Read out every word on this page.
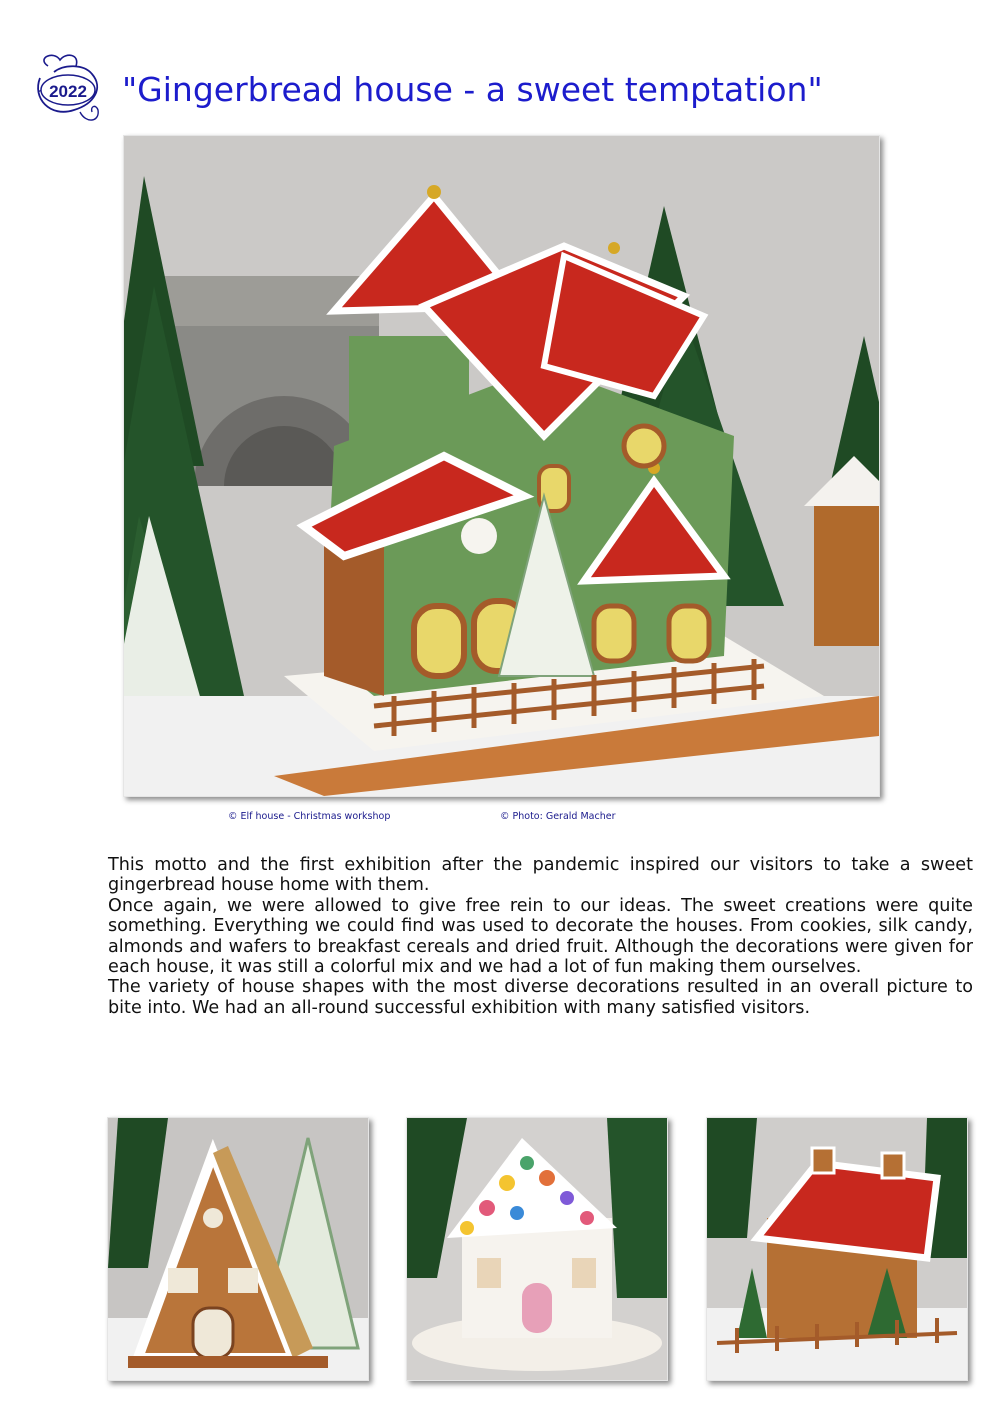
2022 "Gingerbread house - a sweet temptation"

© Elf house - Christmas workshop	© Photo: Gerald Macher

This motto and the first exhibition after the pandemic inspired our visitors to take a sweet gingerbread house home with them.

Once again, we were allowed to give free rein to our ideas. The sweet creations were quite something. Everything we could find was used to decorate the houses. From cookies, silk candy, almonds and wafers to breakfast cereals and dried fruit. Although the decorations were given for each house, it was still a colorful mix and we had a lot of fun making them ourselves.

The variety of house shapes with the most diverse decorations resulted in an overall picture to bite into. We had an all-round successful exhibition with many satisfied visitors.
